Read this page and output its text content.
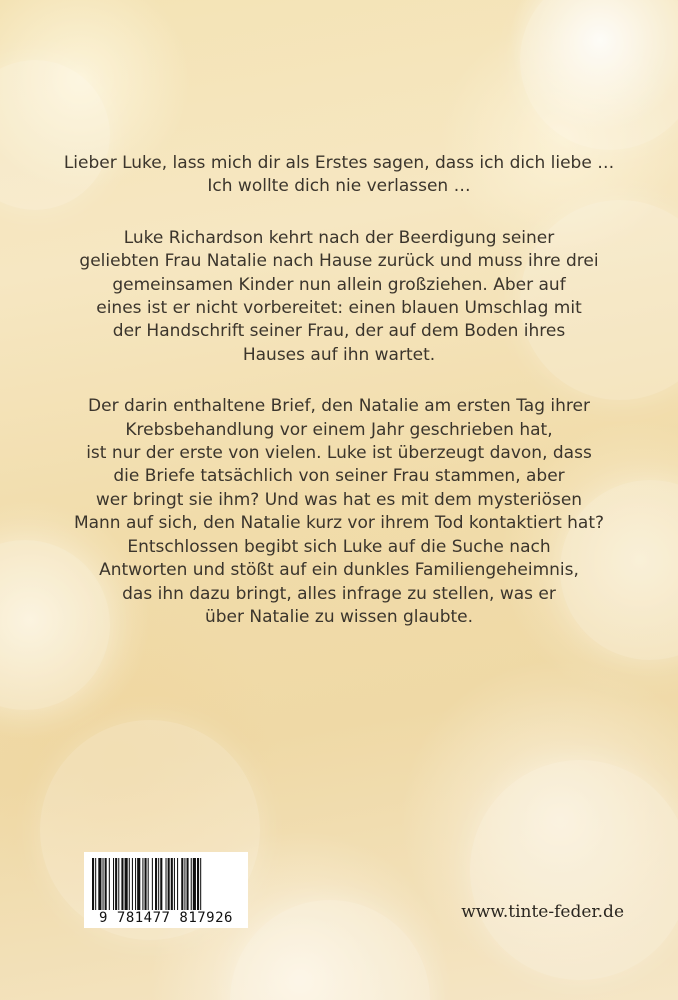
Lieber Luke, lass mich dir als Erstes sagen, dass ich dich liebe …
Ich wollte dich nie verlassen …

Luke Richardson kehrt nach der Beerdigung seiner
geliebten Frau Natalie nach Hause zurück und muss ihre drei
gemeinsamen Kinder nun allein großziehen. Aber auf
eines ist er nicht vorbereitet: einen blauen Umschlag mit
der Handschrift seiner Frau, der auf dem Boden ihres
Hauses auf ihn wartet.

Der darin enthaltene Brief, den Natalie am ersten Tag ihrer
Krebsbehandlung vor einem Jahr geschrieben hat,
ist nur der erste von vielen. Luke ist überzeugt davon, dass
die Briefe tatsächlich von seiner Frau stammen, aber
wer bringt sie ihm? Und was hat es mit dem mysteriösen
Mann auf sich, den Natalie kurz vor ihrem Tod kontaktiert hat?
Entschlossen begibt sich Luke auf die Suche nach
Antworten und stößt auf ein dunkles Familiengeheimnis,
das ihn dazu bringt, alles infrage zu stellen, was er
über Natalie zu wissen glaubte.

9 781477 817926	www.tinte-feder.de
